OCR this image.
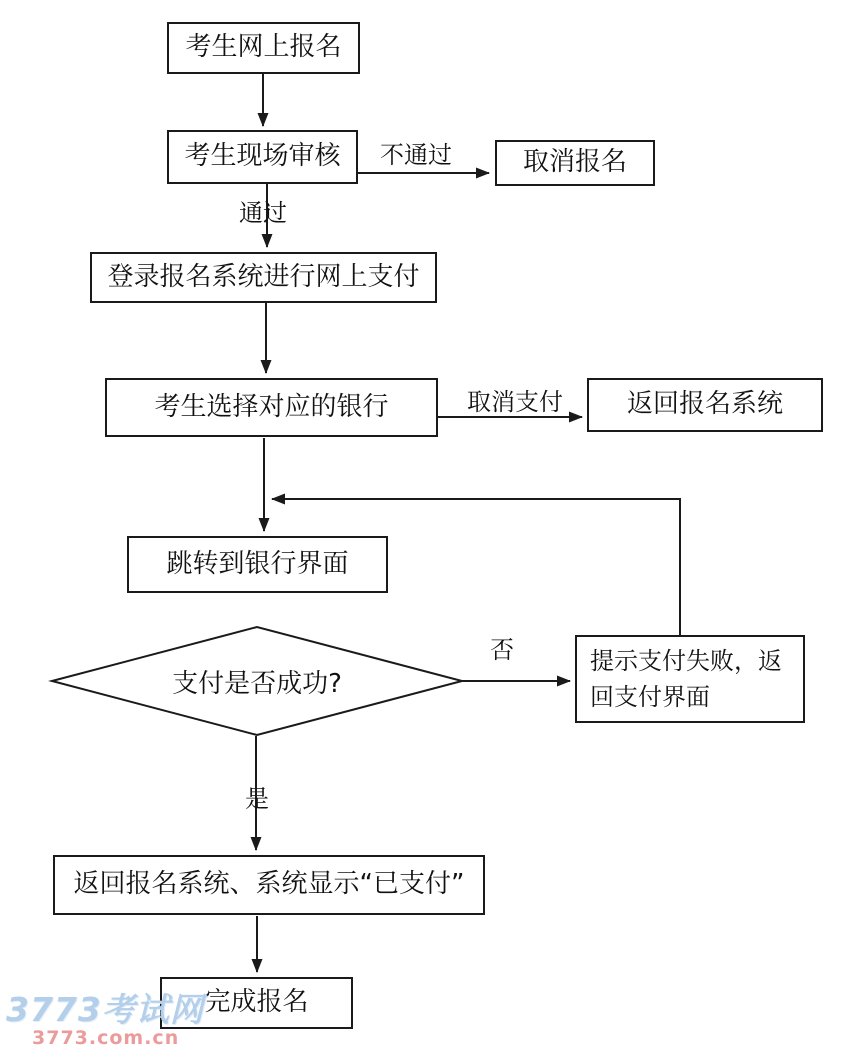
考生网上报名
考生现场审核	取消报名
登录报名系统进行网上支付
考生选择对应的银行	返回报名系统
跳转到银行界面
支付是否成功?
提示支付失败，返回支付界面
返回报名系统、系统显示“已支付”
完成报名
不通过
通过
取消支付
否
是
3773考试网
3773.com.cn
